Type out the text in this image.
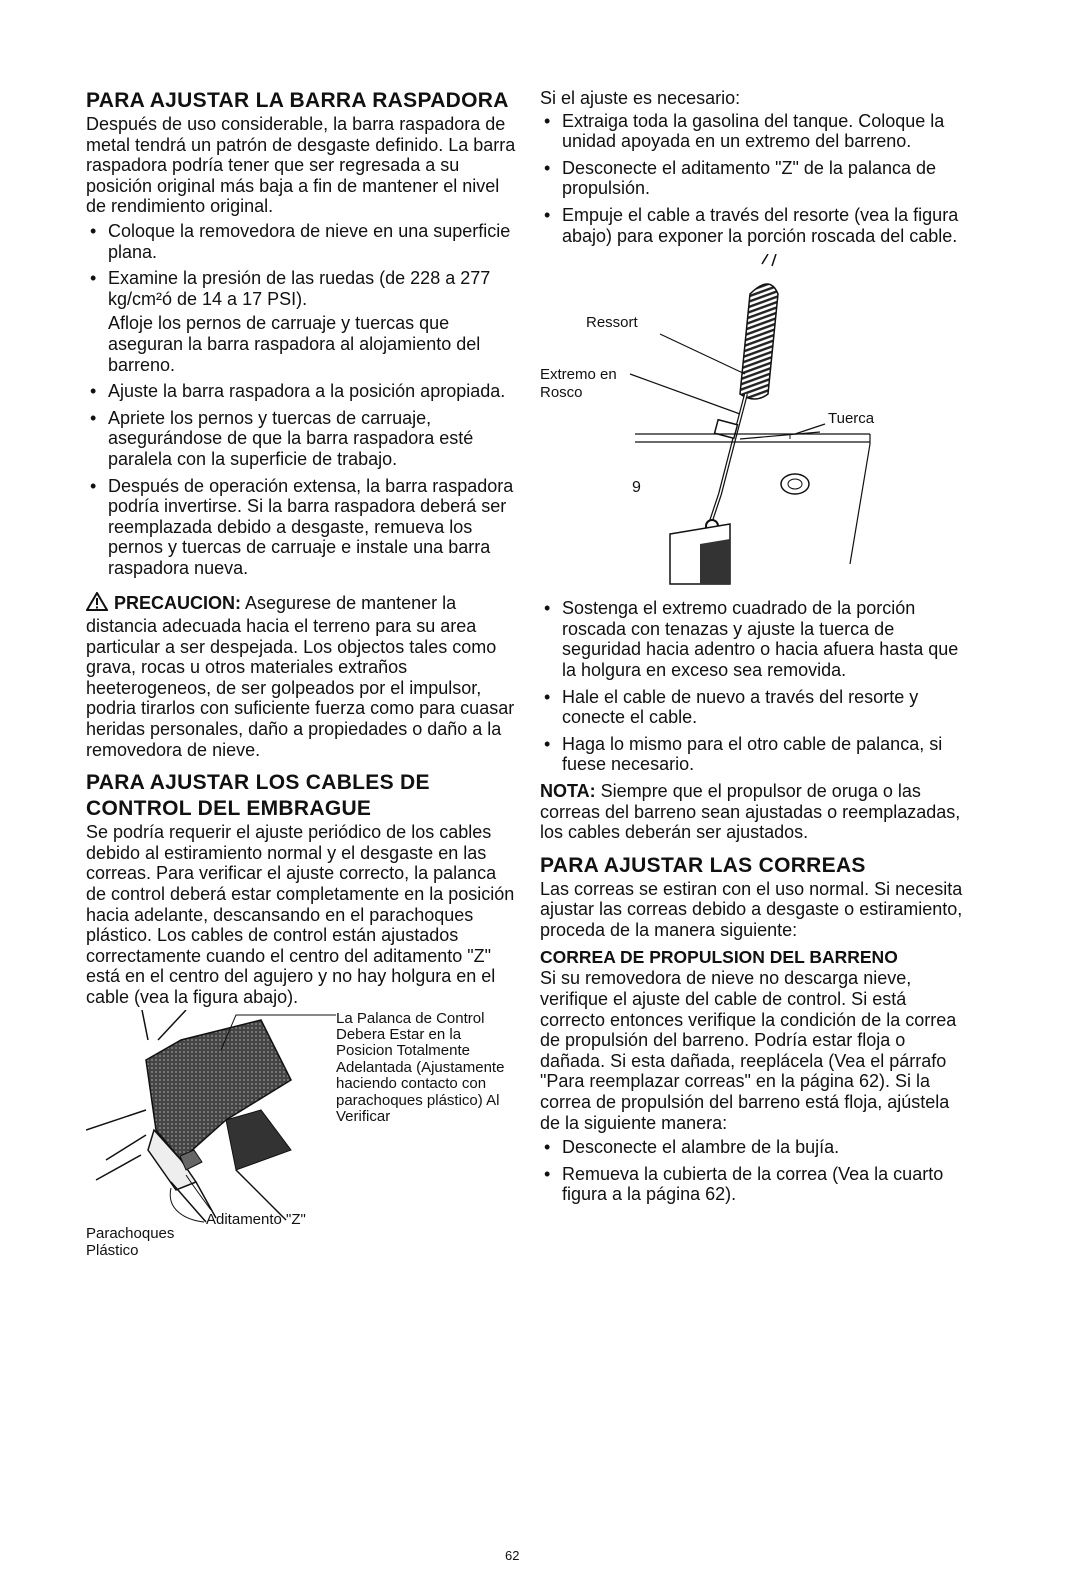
PARA AJUSTAR LA BARRA RASPADORA

Después de uso considerable, la barra raspadora de metal tendrá un patrón de desgaste definido. La barra raspadora podría tener que ser regresada a su posición original más baja a fin de mantener el nivel de rendimiento original.

• Coloque la removedora de nieve en una superficie plana.
• Examine la presión de las ruedas (de 228 a 277 kg/cm²ó de 14 a 17 PSI).
Afloje los pernos de carruaje y tuercas que aseguran la barra raspadora al alojamiento del barreno.
• Ajuste la barra raspadora a la posición apropiada.
• Apriete los pernos y tuercas de carruaje, asegurándose de que la barra raspadora esté paralela con la superficie de trabajo.
• Después de operación extensa, la barra raspadora podría invertirse. Si la barra raspadora deberá ser reemplazada debido a desgaste, remueva los pernos y tuercas de carruaje e instale una barra raspadora nueva.

PRECAUCION: Asegurese de mantener la distancia adecuada hacia el terreno para su area particular a ser despejada. Los objectos tales como grava, rocas u otros materiales extraños heeterogeneos, de ser golpeados por el impulsor, podria tirarlos con suficiente fuerza como para cuasar heridas personales, daño a propiedades o daño a la removedora de nieve.

PARA AJUSTAR LOS CABLES DE CONTROL DEL EMBRAGUE

Se podría requerir el ajuste periódico de los cables debido al estiramiento normal y el desgaste en las correas. Para verificar el ajuste correcto, la palanca de control deberá estar completamente en la posición hacia adelante, descansando en el parachoques plástico. Los cables de control están ajustados correctamente cuando el centro del aditamento "Z" está en el centro del agujero y no hay holgura en el cable (vea la figura abajo).

La Palanca de Control Debera Estar en la Posicion Totalmente Adelantada (Ajustamente haciendo contacto con parachoques plástico) Al Verificar
Aditamento "Z"
Parachoques
Plástico

Si el ajuste es necesario:

• Extraiga toda la gasolina del tanque. Coloque la unidad apoyada en un extremo del barreno.
• Desconecte el aditamento "Z" de la palanca de propulsión.
• Empuje el cable a través del resorte (vea la figura abajo) para exponer la porción roscada del cable.
9
Ressort
Extremo en
Rosco
Tuerca
• Sostenga el extremo cuadrado de la porción roscada con tenazas y ajuste la tuerca de seguridad hacia adentro o hacia afuera hasta que la holgura en exceso sea removida.
• Hale el cable de nuevo a través del resorte y conecte el cable.
• Haga lo mismo para el otro cable de palanca, si fuese necesario.

NOTA: Siempre que el propulsor de oruga o las correas del barreno sean ajustadas o reemplazadas, los cables deberán ser ajustados.

PARA AJUSTAR LAS CORREAS

Las correas se estiran con el uso normal. Si necesita ajustar las correas debido a desgaste o estiramiento, proceda de la manera siguiente:

CORREA DE PROPULSION DEL BARRENO

Si su removedora de nieve no descarga nieve, verifique el ajuste del cable de control. Si está correcto entonces verifique la condición de la correa de propulsión del barreno. Podría estar floja o dañada. Si esta dañada, reeplácela (Vea el párrafo "Para reemplazar correas" en la página 62). Si la correa de propulsión del barreno está floja, ajústela de la siguiente manera:

• Desconecte el alambre de la bujía.
• Remueva la cubierta de la correa (Vea la cuarto figura a la página 62).
62
